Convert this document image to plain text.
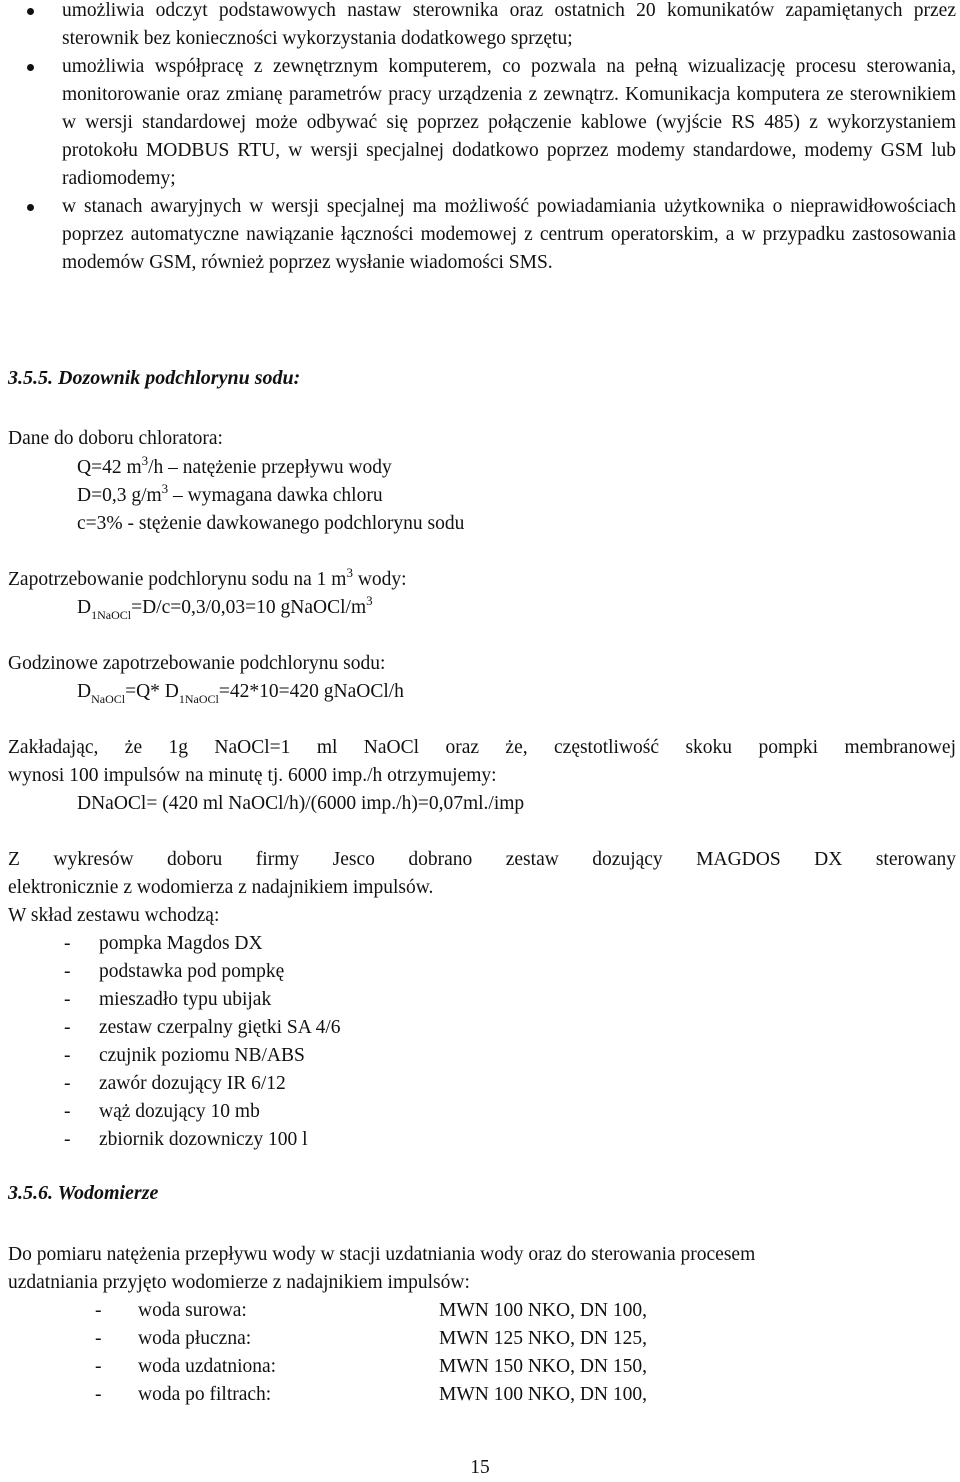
umożliwia odczyt podstawowych nastaw sterownika oraz ostatnich 20 komunikatów zapamiętanych przez sterownik bez konieczności wykorzystania dodatkowego sprzętu;

umożliwia współpracę z zewnętrznym komputerem, co pozwala na pełną wizualizację procesu sterowania, monitorowanie oraz zmianę parametrów pracy urządzenia z zewnątrz. Komunikacja komputera ze sterownikiem w wersji standardowej może odbywać się poprzez połączenie kablowe (wyjście RS 485) z wykorzystaniem protokołu MODBUS RTU, w wersji specjalnej dodatkowo poprzez modemy standardowe, modemy GSM lub radiomodemy;

w stanach awaryjnych w wersji specjalnej ma możliwość powiadamiania użytkownika o nieprawidłowościach poprzez automatyczne nawiązanie łączności modemowej z centrum operatorskim, a w przypadku zastosowania modemów GSM, również poprzez wysłanie wiadomości SMS.

3.5.5. Dozownik podchlorynu sodu:
Dane do doboru chloratora:
Q=42 $m^3/h$ – natężenie przepływu wody
D=0,3 $g/m^3$ – wymagana dawka chloru
c=3% - stężenie dawkowanego podchlorynu sodu
Zapotrzebowanie podchlorynu sodu na 1 $m^3$ wody:
$D_{1NaOCl}=D/c=0,3/0,03=10$ gNaOCl/$m^3$
Godzinowe zapotrzebowanie podchlorynu sodu:
$D_{NaOCl}=Q*$ $D_{1NaOCl}=42*10=420$ gNaOCl/h
Zakładając, że 1g NaOCl=1 ml NaOCl oraz że, częstotliwość skoku pompki membranowej
wynosi 100 impulsów na minutę tj. 6000 imp./h otrzymujemy:
DNaOCl= (420 ml NaOCl/h)/(6000 imp./h)=0,07ml./imp
Z wykresów doboru firmy Jesco dobrano zestaw dozujący MAGDOS DX sterowany
elektronicznie z wodomierza z nadajnikiem impulsów.
W skład zestawu wchodzą:
- pompka Magdos DX
- podstawka pod pompkę
- mieszadło typu ubijak
- zestaw czerpalny giętki SA 4/6
- czujnik poziomu NB/ABS
- zawór dozujący IR 6/12
- wąż dozujący 10 mb
- zbiornik dozowniczy 100 l
3.5.6. Wodomierze
Do pomiaru natężenia przepływu wody w stacji uzdatniania wody oraz do sterowania procesem
uzdatniania przyjęto wodomierze z nadajnikiem impulsów:
- woda surowa:	MWN 100 NKO, DN 100,
- woda płuczna:	MWN 125 NKO, DN 125,
- woda uzdatniona:	MWN 150 NKO, DN 150,
- woda po filtrach:	MWN 100 NKO, DN 100,
15
